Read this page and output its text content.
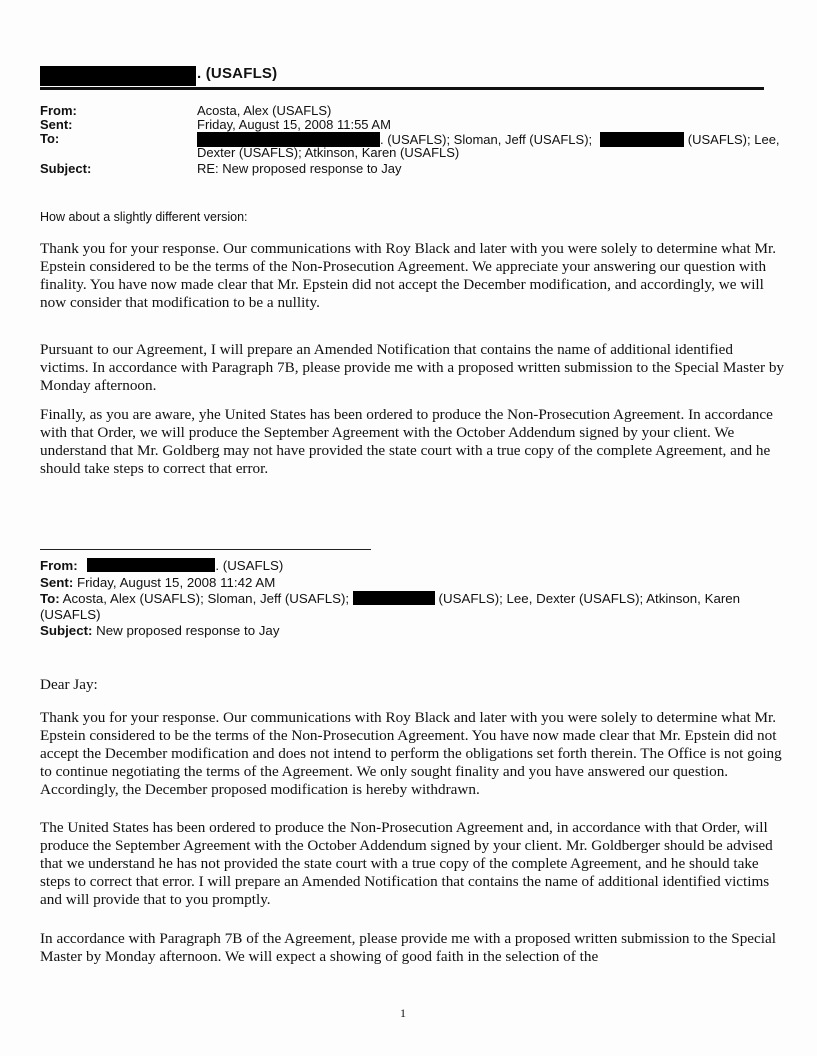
. (USAFLS)
From:	Acosta, Alex (USAFLS)
Sent:	Friday, August 15, 2008 11:55 AM
To:	. (USAFLS); Sloman, Jeff (USAFLS);	(USAFLS); Lee,
Dexter (USAFLS); Atkinson, Karen (USAFLS)
Subject:	RE: New proposed response to Jay
How about a slightly different version:

Thank you for your response. Our communications with Roy Black and later with you were solely to determine what Mr. Epstein considered to be the terms of the Non-Prosecution Agreement. We appreciate your answering our question with finality. You have now made clear that Mr. Epstein did not accept the December modification, and accordingly, we will now consider that modification to be a nullity.

Pursuant to our Agreement, I will prepare an Amended Notification that contains the name of additional identified victims. In accordance with Paragraph 7B, please provide me with a proposed written submission to the Special Master by Monday afternoon.

Finally, as you are aware, yhe United States has been ordered to produce the Non-Prosecution Agreement. In accordance with that Order, we will produce the September Agreement with the October Addendum signed by your client. We understand that Mr. Goldberg may not have provided the state court with a true copy of the complete Agreement, and he should take steps to correct that error.

From:	. (USAFLS)
Sent: Friday, August 15, 2008 11:42 AM
To: Acosta, Alex (USAFLS); Sloman, Jeff (USAFLS);	(USAFLS); Lee, Dexter (USAFLS); Atkinson, Karen
(USAFLS)
Subject: New proposed response to Jay

Dear Jay:

Thank you for your response. Our communications with Roy Black and later with you were solely to determine what Mr. Epstein considered to be the terms of the Non-Prosecution Agreement. You have now made clear that Mr. Epstein did not accept the December modification and does not intend to perform the obligations set forth therein. The Office is not going to continue negotiating the terms of the Agreement. We only sought finality and you have answered our question. Accordingly, the December proposed modification is hereby withdrawn.

The United States has been ordered to produce the Non-Prosecution Agreement and, in accordance with that Order, will produce the September Agreement with the October Addendum signed by your client. Mr. Goldberger should be advised that we understand he has not provided the state court with a true copy of the complete Agreement, and he should take steps to correct that error. I will prepare an Amended Notification that contains the name of additional identified victims and will provide that to you promptly.

In accordance with Paragraph 7B of the Agreement, please provide me with a proposed written submission to the Special Master by Monday afternoon. We will expect a showing of good faith in the selection of the

1
